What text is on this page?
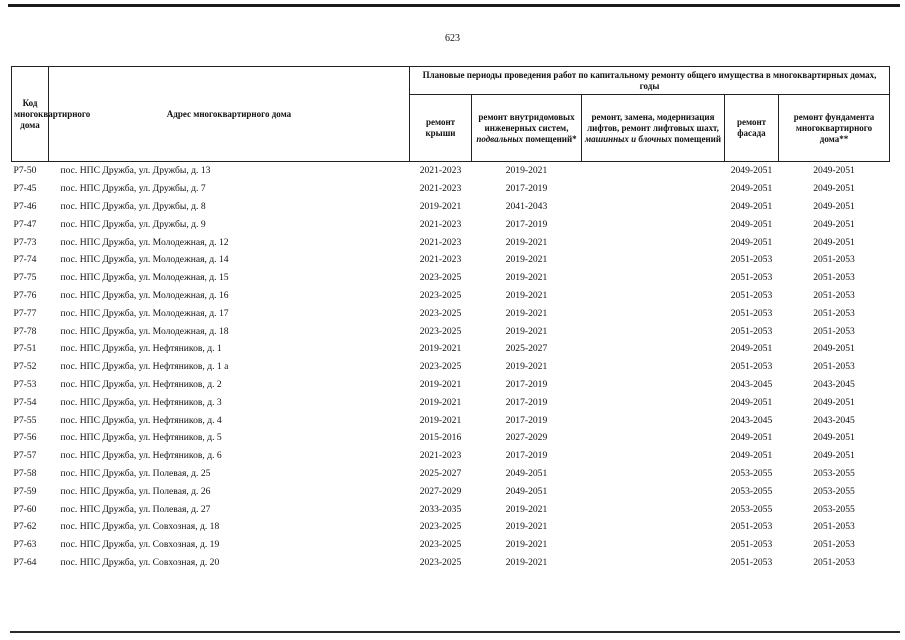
623
Код многоквартирного дома	Адрес многоквартирного дома	Плановые периоды проведения работ по капитальному ремонту общего имущества в многоквартирных домах, годы				
		ремонт крыши	ремонт внутридомовых инженерных систем, подвальных помещений*	ремонт, замена, модернизация лифтов, ремонт лифтовых шахт, машинных и блочных помещений	ремонт фасада	ремонт фундамента многоквартирного дома**
Р7-50	пос. НПС Дружба, ул. Дружбы, д. 13	2021-2023	2019-2021		2049-2051	2049-2051
Р7-45	пос. НПС Дружба, ул. Дружбы, д. 7	2021-2023	2017-2019		2049-2051	2049-2051
Р7-46	пос. НПС Дружба, ул. Дружбы, д. 8	2019-2021	2041-2043		2049-2051	2049-2051
Р7-47	пос. НПС Дружба, ул. Дружбы, д. 9	2021-2023	2017-2019		2049-2051	2049-2051
Р7-73	пос. НПС Дружба, ул. Молодежная, д. 12	2021-2023	2019-2021		2049-2051	2049-2051
Р7-74	пос. НПС Дружба, ул. Молодежная, д. 14	2021-2023	2019-2021		2051-2053	2051-2053
Р7-75	пос. НПС Дружба, ул. Молодежная, д. 15	2023-2025	2019-2021		2051-2053	2051-2053
Р7-76	пос. НПС Дружба, ул. Молодежная, д. 16	2023-2025	2019-2021		2051-2053	2051-2053
Р7-77	пос. НПС Дружба, ул. Молодежная, д. 17	2023-2025	2019-2021		2051-2053	2051-2053
Р7-78	пос. НПС Дружба, ул. Молодежная, д. 18	2023-2025	2019-2021		2051-2053	2051-2053
Р7-51	пос. НПС Дружба, ул. Нефтяников, д. 1	2019-2021	2025-2027		2049-2051	2049-2051
Р7-52	пос. НПС Дружба, ул. Нефтяников, д. 1 а	2023-2025	2019-2021		2051-2053	2051-2053
Р7-53	пос. НПС Дружба, ул. Нефтяников, д. 2	2019-2021	2017-2019		2043-2045	2043-2045
Р7-54	пос. НПС Дружба, ул. Нефтяников, д. 3	2019-2021	2017-2019		2049-2051	2049-2051
Р7-55	пос. НПС Дружба, ул. Нефтяников, д. 4	2019-2021	2017-2019		2043-2045	2043-2045
Р7-56	пос. НПС Дружба, ул. Нефтяников, д. 5	2015-2016	2027-2029		2049-2051	2049-2051
Р7-57	пос. НПС Дружба, ул. Нефтяников, д. 6	2021-2023	2017-2019		2049-2051	2049-2051
Р7-58	пос. НПС Дружба, ул. Полевая, д. 25	2025-2027	2049-2051		2053-2055	2053-2055
Р7-59	пос. НПС Дружба, ул. Полевая, д. 26	2027-2029	2049-2051		2053-2055	2053-2055
Р7-60	пос. НПС Дружба, ул. Полевая, д. 27	2033-2035	2019-2021		2053-2055	2053-2055
Р7-62	пос. НПС Дружба, ул. Совхозная, д. 18	2023-2025	2019-2021		2051-2053	2051-2053
Р7-63	пос. НПС Дружба, ул. Совхозная, д. 19	2023-2025	2019-2021		2051-2053	2051-2053
Р7-64	пос. НПС Дружба, ул. Совхозная, д. 20	2023-2025	2019-2021		2051-2053	2051-2053
